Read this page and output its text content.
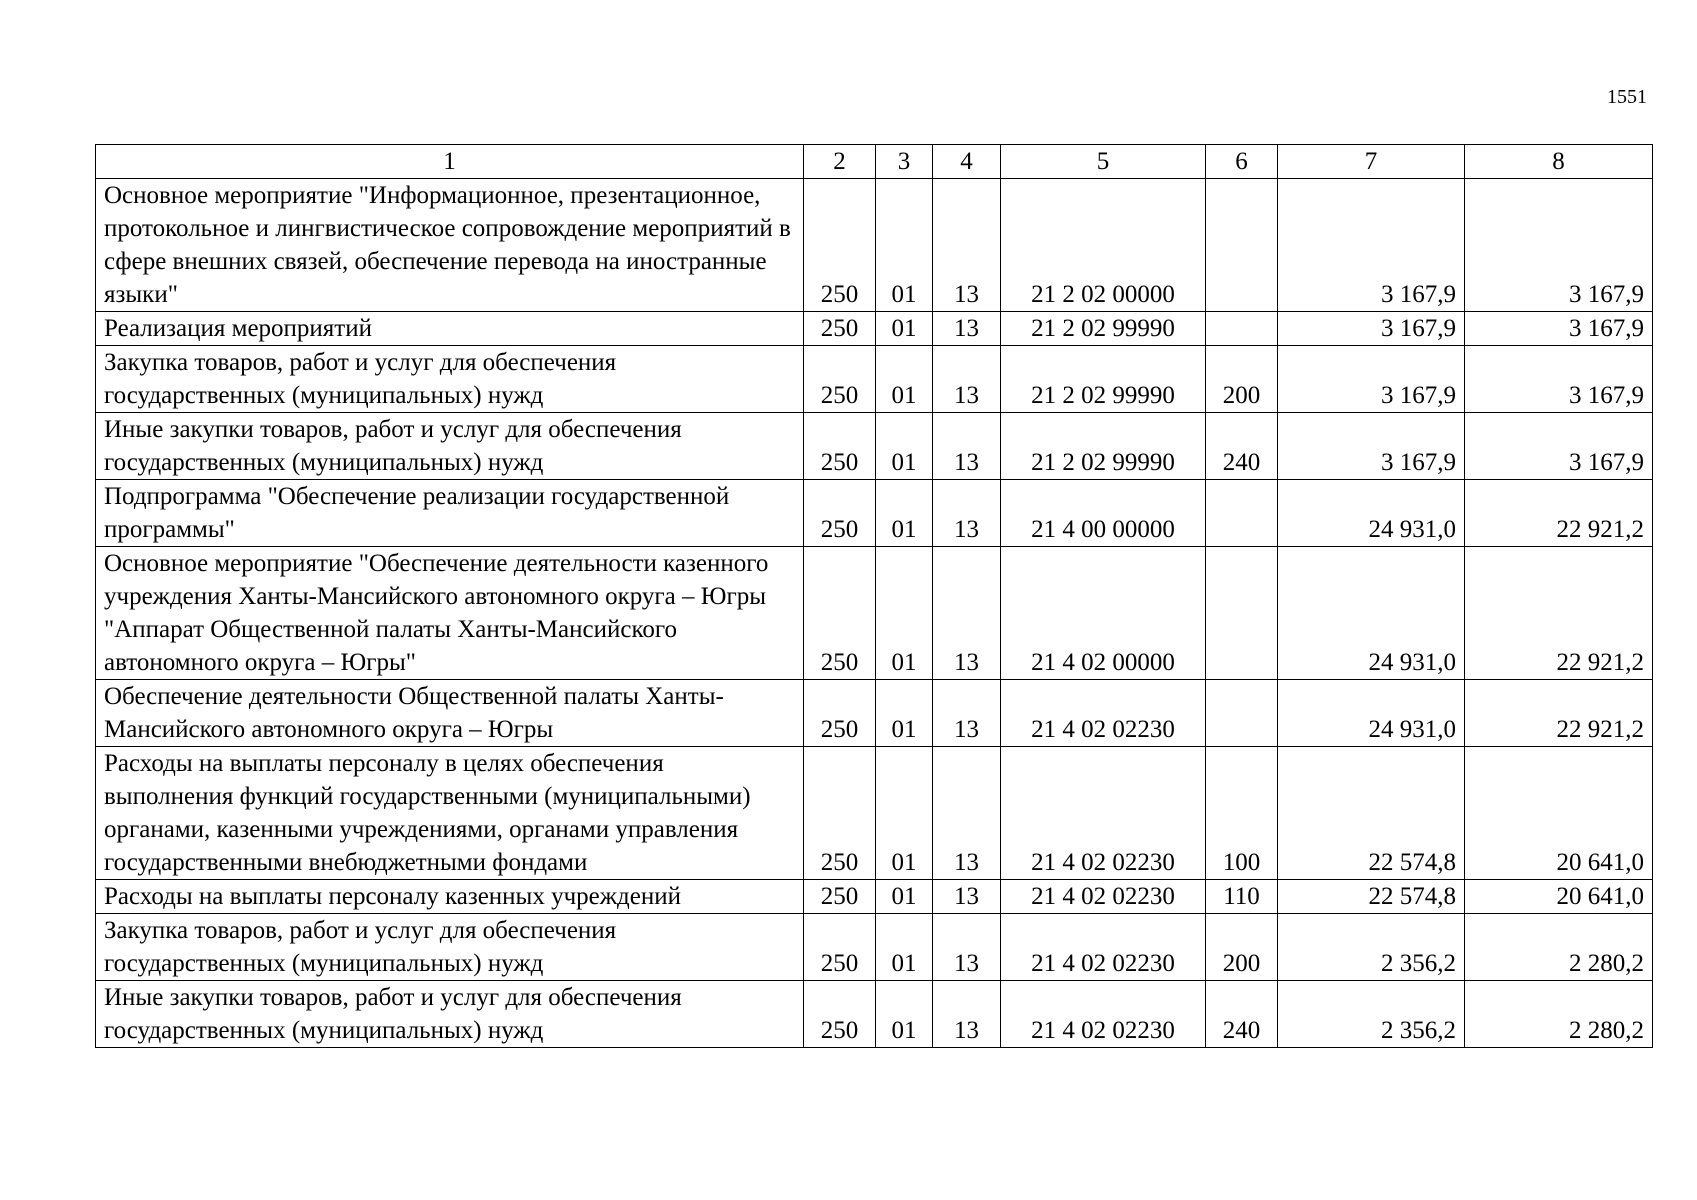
1551
1	2	3	4	5	6	7	8
Основное мероприятие "Информационное, презентационное, протокольное и лингвистическое сопровождение мероприятий в сфере внешних связей, обеспечение перевода на иностранные языки"	250	01	13	21 2 02 00000		3 167,9	3 167,9
Реализация мероприятий	250	01	13	21 2 02 99990		3 167,9	3 167,9
Закупка товаров, работ и услуг для обеспечения государственных (муниципальных) нужд	250	01	13	21 2 02 99990	200	3 167,9	3 167,9
Иные закупки товаров, работ и услуг для обеспечения государственных (муниципальных) нужд	250	01	13	21 2 02 99990	240	3 167,9	3 167,9
Подпрограмма "Обеспечение реализации государственной программы"	250	01	13	21 4 00 00000		24 931,0	22 921,2
Основное мероприятие "Обеспечение деятельности казенного учреждения Ханты-Мансийского автономного округа – Югры "Аппарат Общественной палаты Ханты-Мансийского автономного округа – Югры"	250	01	13	21 4 02 00000		24 931,0	22 921,2
Обеспечение деятельности Общественной палаты Ханты-Мансийского автономного округа – Югры	250	01	13	21 4 02 02230		24 931,0	22 921,2
Расходы на выплаты персоналу в целях обеспечения выполнения функций государственными (муниципальными) органами, казенными учреждениями, органами управления государственными внебюджетными фондами	250	01	13	21 4 02 02230	100	22 574,8	20 641,0
Расходы на выплаты персоналу казенных учреждений	250	01	13	21 4 02 02230	110	22 574,8	20 641,0
Закупка товаров, работ и услуг для обеспечения государственных (муниципальных) нужд	250	01	13	21 4 02 02230	200	2 356,2	2 280,2
Иные закупки товаров, работ и услуг для обеспечения государственных (муниципальных) нужд	250	01	13	21 4 02 02230	240	2 356,2	2 280,2
